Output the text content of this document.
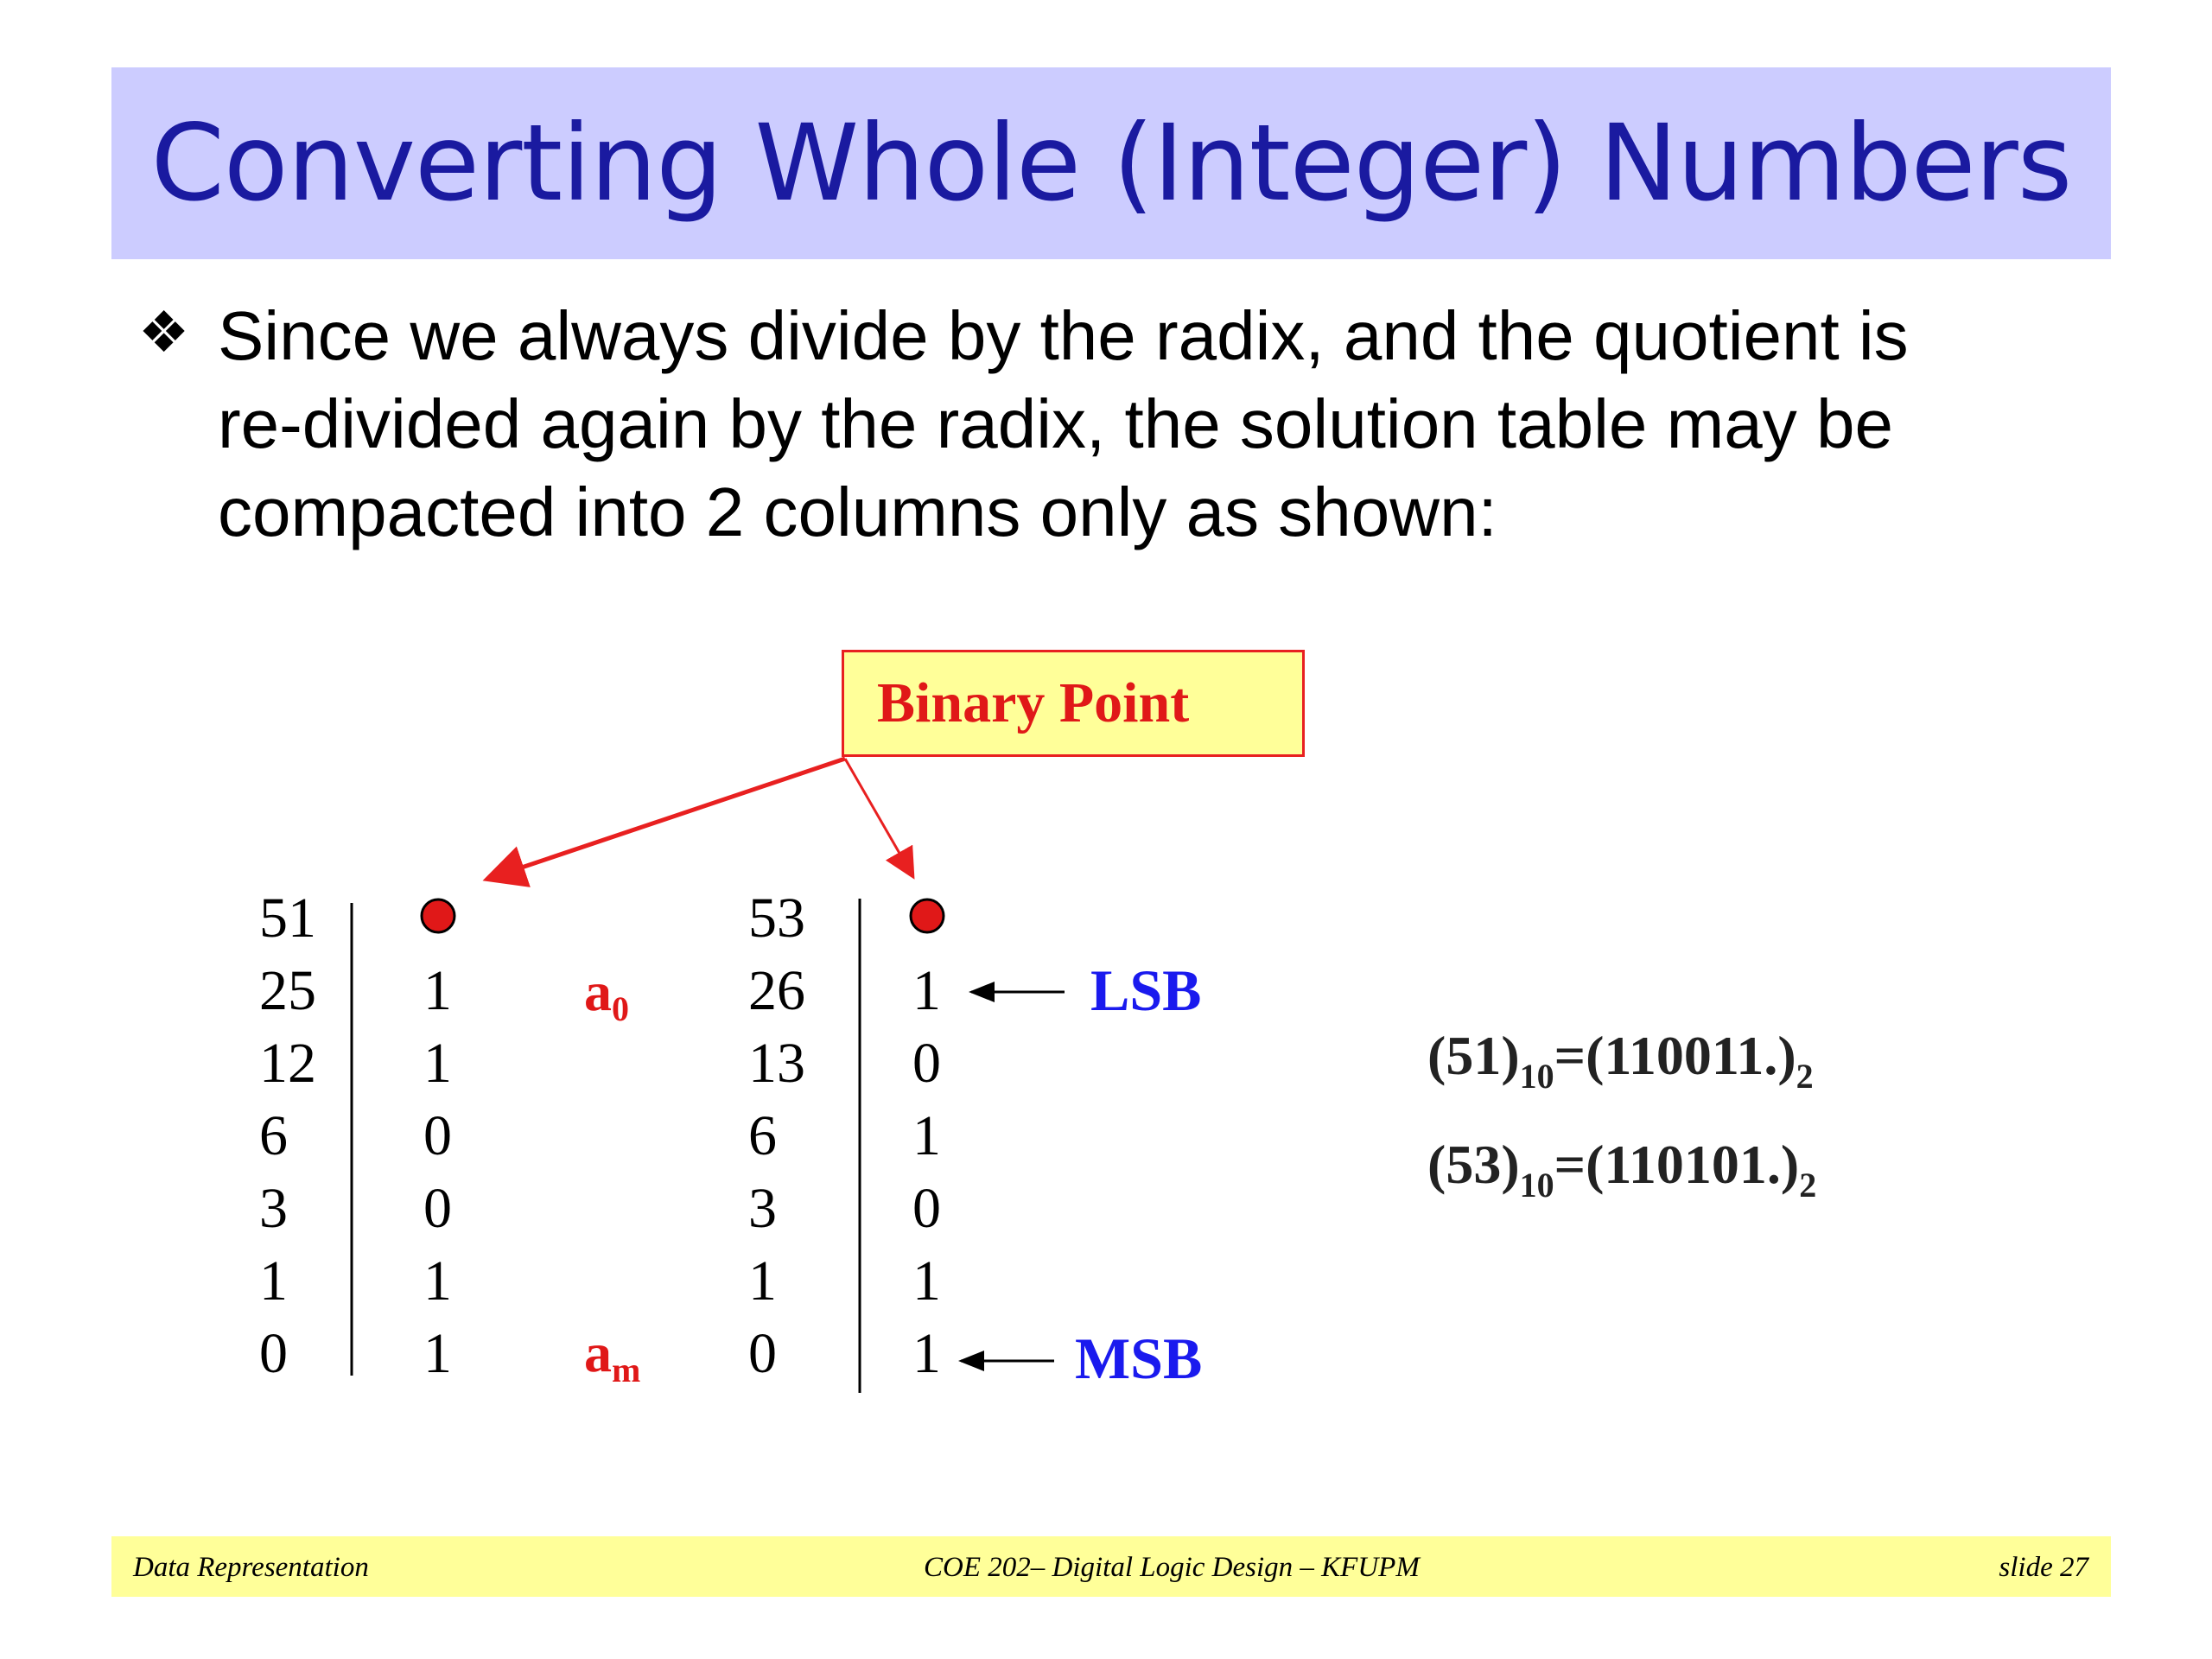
Converting Whole (Integer) Numbers
❖ Since we always divide by the radix, and the quotient is
re-divided again by the radix, the solution table may be
compacted into 2 columns only as shown:
Binary Point
51
25
12
6
3
1
0
1
1
0
0
1
1
$a_0$
$a_m$
53
26
13
6
3
1
0
1
0
1
0
1
1
LSB
MSB
$(51)_{10}=(110011.)_2$
$(53)_{10}=(110101.)_2$
Data Representation	COE 202– Digital Logic Design – KFUPM	slide 27
